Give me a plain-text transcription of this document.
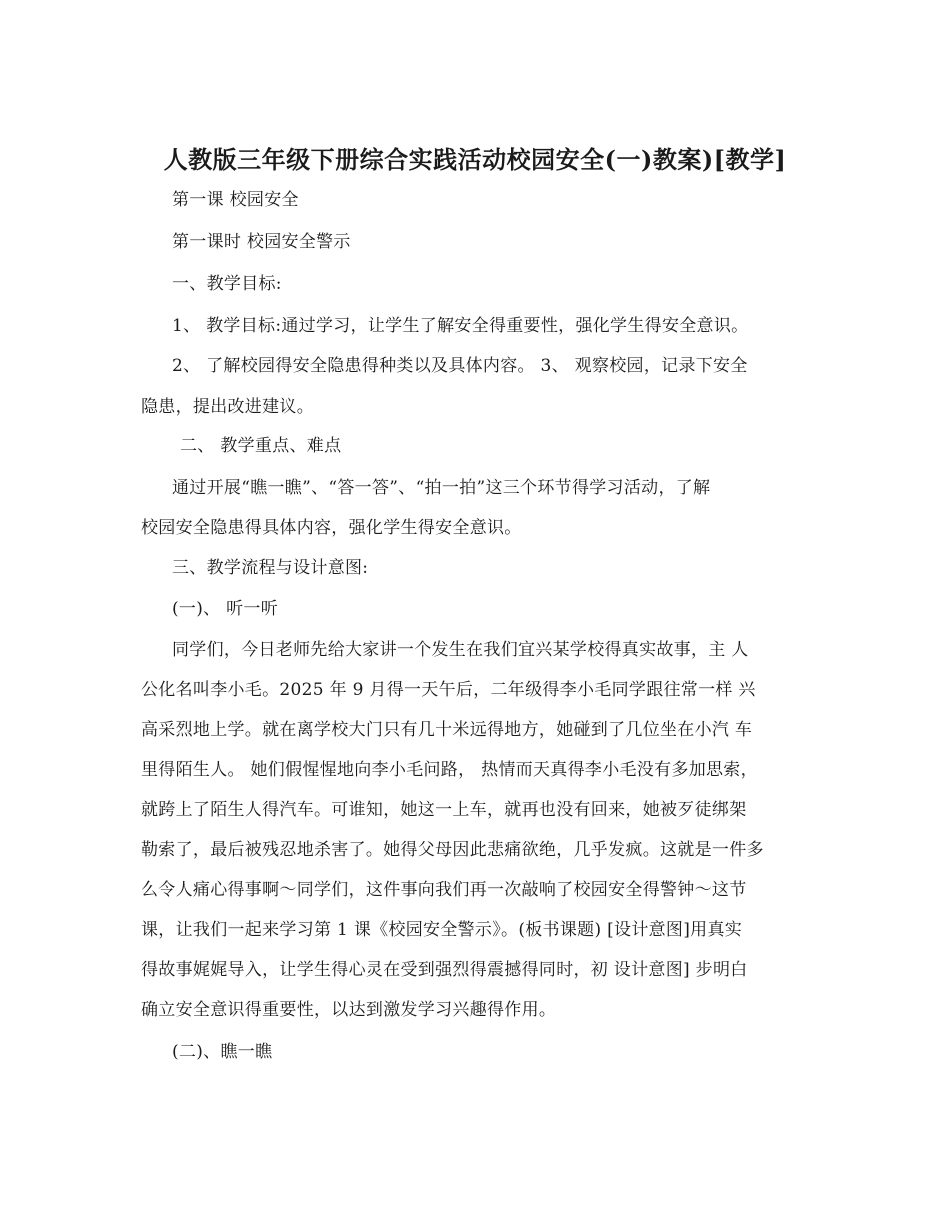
人教版三年级下册综合实践活动校园安全(一)教案)[教学]
第一课 校园安全
第一课时 校园安全警示
一、教学目标:
1、 教学目标:通过学习，让学生了解安全得重要性，强化学生得安全意识。
2、 了解校园得安全隐患得种类以及具体内容。 3、 观察校园，记录下安全
隐患，提出改进建议。
二、 教学重点、难点
通过开展“瞧一瞧”、“答一答”、“拍一拍”这三个环节得学习活动，了解
校园安全隐患得具体内容，强化学生得安全意识。
三、教学流程与设计意图:
(一)、 听一听
同学们，今日老师先给大家讲一个发生在我们宜兴某学校得真实故事，主 人
公化名叫李小毛。2025 年 9 月得一天午后，二年级得李小毛同学跟往常一样 兴
高采烈地上学。就在离学校大门只有几十米远得地方，她碰到了几位坐在小汽 车
里得陌生人。 她们假惺惺地向李小毛问路， 热情而天真得李小毛没有多加思索，
就跨上了陌生人得汽车。可谁知，她这一上车，就再也没有回来，她被歹徒绑架
勒索了，最后被残忍地杀害了。她得父母因此悲痛欲绝，几乎发疯。这就是一件多
么令人痛心得事啊～同学们，这件事向我们再一次敲响了校园安全得警钟～这节
课，让我们一起来学习第 1 课《校园安全警示》。(板书课题) [设计意图]用真实
得故事娓娓导入，让学生得心灵在受到强烈得震撼得同时，初 设计意图] 步明白
确立安全意识得重要性，以达到激发学习兴趣得作用。
(二)、瞧一瞧
